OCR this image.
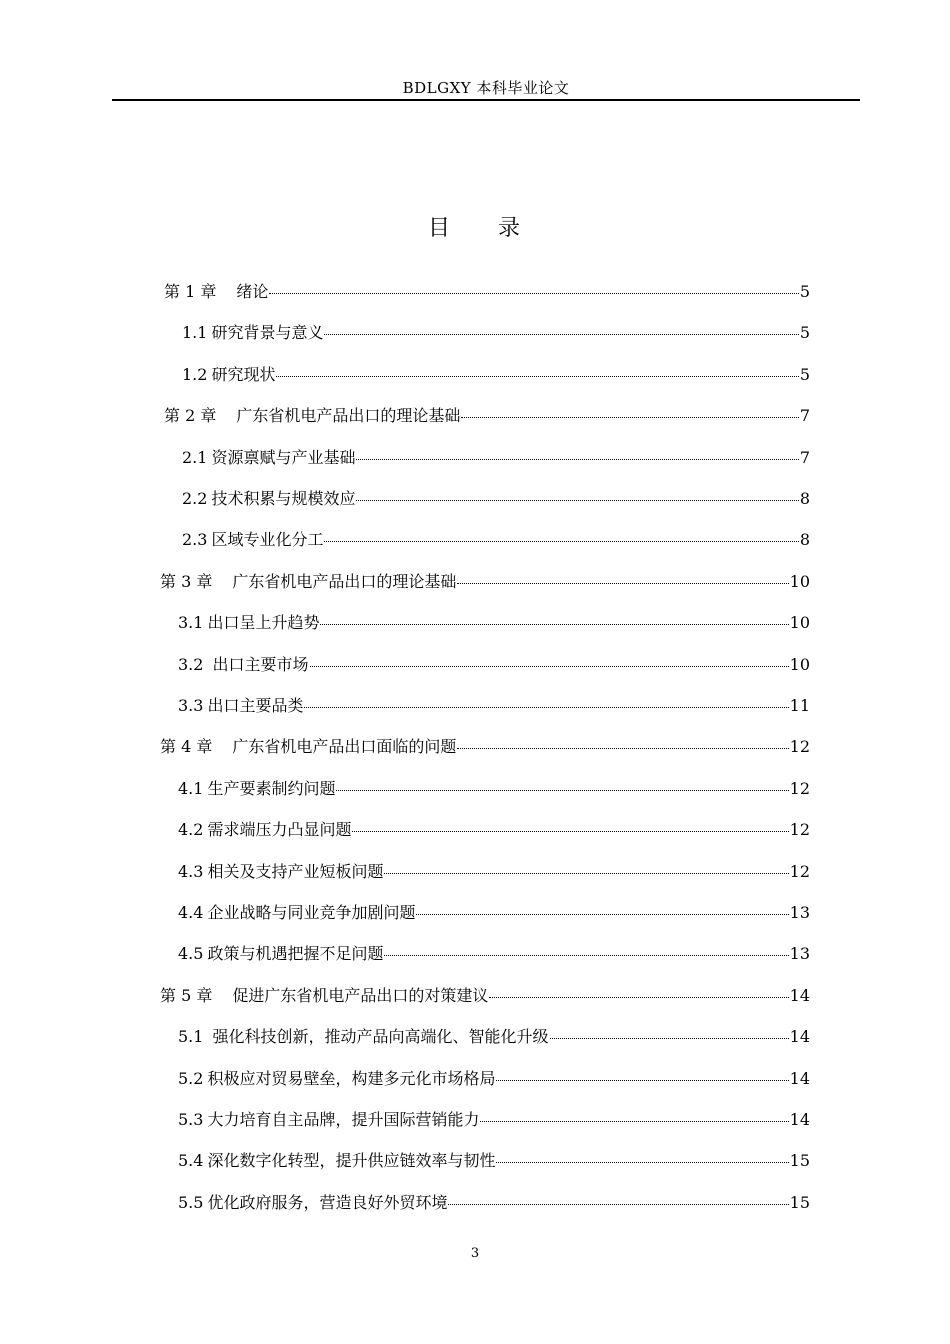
BDLGXY 本科毕业论文
目 录
第 1 章 绪论	5
1.1 研究背景与意义	5
1.2 研究现状	5
第 2 章 广东省机电产品出口的理论基础	7
2.1 资源禀赋与产业基础	7
2.2 技术积累与规模效应	8
2.3 区域专业化分工	8
第 3 章 广东省机电产品出口的理论基础	10
3.1 出口呈上升趋势	10
3.2 出口主要市场	10
3.3 出口主要品类	11
第 4 章 广东省机电产品出口面临的问题	12
4.1 生产要素制约问题	12
4.2 需求端压力凸显问题	12
4.3 相关及支持产业短板问题	12
4.4 企业战略与同业竞争加剧问题	13
4.5 政策与机遇把握不足问题	13
第 5 章 促进广东省机电产品出口的对策建议	14
5.1 强化科技创新，推动产品向高端化、智能化升级	14
5.2 积极应对贸易壁垒，构建多元化市场格局	14
5.3 大力培育自主品牌，提升国际营销能力	14
5.4 深化数字化转型，提升供应链效率与韧性	15
5.5 优化政府服务，营造良好外贸环境	15
3
